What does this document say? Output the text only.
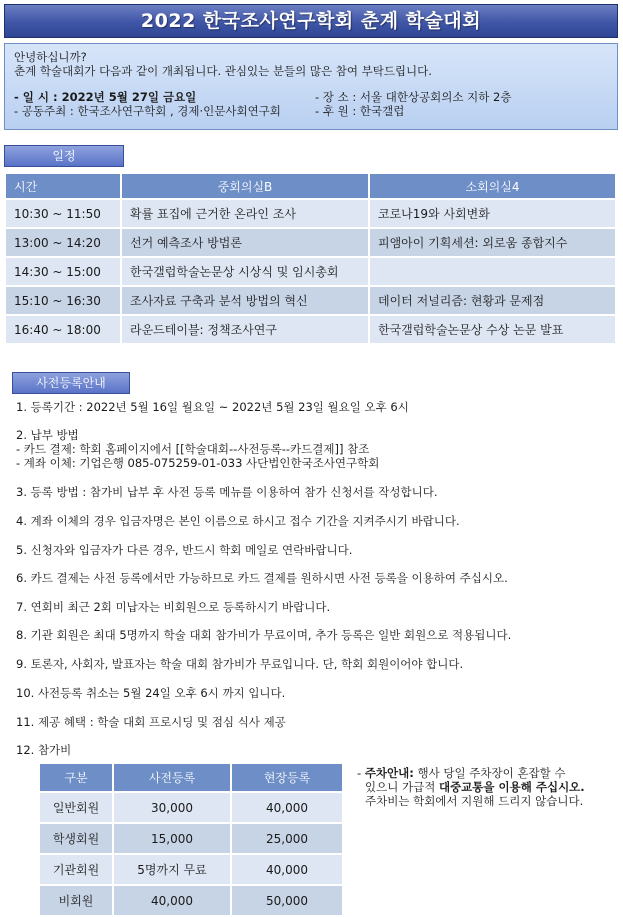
2022 한국조사연구학회 춘계 학술대회
안녕하십니까?
춘계 학술대회가 다음과 같이 개최됩니다. 관심있는 분들의 많은 참여 부탁드립니다.
- 일 시 : 2022년 5월 27일 금요일	- 장 소 : 서울 대한상공회의소 지하 2층
- 공동주최 : 한국조사연구학회 , 경제·인문사회연구회	- 후 원 : 한국갤럽
일정
시간	중회의실B	소회의실4
10:30 ~ 11:50	확률 표집에 근거한 온라인 조사	코로나19와 사회변화
13:00 ~ 14:20	선거 예측조사 방법론	피앰아이 기획세션: 외로움 종합지수
14:30 ~ 15:00	한국갤럽학술논문상 시상식 및 임시총회	
15:10 ~ 16:30	조사자료 구축과 분석 방법의 혁신	데이터 저널리즘: 현황과 문제점
16:40 ~ 18:00	라운드테이블: 정책조사연구	한국갤럽학술논문상 수상 논문 발표
사전등록안내
1. 등록기간 : 2022년 5월 16일 월요일 ~ 2022년 5월 23일 월요일 오후 6시
2. 납부 방법
- 카드 결제: 학회 홈페이지에서 [[학술대회--사전등록--카드결제]] 참조
- 계좌 이체: 기업은행 085-075259-01-033 사단법인한국조사연구학회
3. 등록 방법 : 참가비 납부 후 사전 등록 메뉴를 이용하여 참가 신청서를 작성합니다.
4. 계좌 이체의 경우 입금자명은 본인 이름으로 하시고 접수 기간을 지켜주시기 바랍니다.
5. 신청자와 입금자가 다른 경우, 반드시 학회 메일로 연락바랍니다.
6. 카드 결제는 사전 등록에서만 가능하므로 카드 결제를 원하시면 사전 등록을 이용하여 주십시오.
7. 연회비 최근 2회 미납자는 비회원으로 등록하시기 바랍니다.
8. 기관 회원은 최대 5명까지 학술 대회 참가비가 무료이며, 추가 등록은 일반 회원으로 적용됩니다.
9. 토론자, 사회자, 발표자는 학술 대회 참가비가 무료입니다. 단, 학회 회원이어야 합니다.
10. 사전등록 취소는 5월 24일 오후 6시 까지 입니다.
11. 제공 혜택 : 학술 대회 프로시딩 및 점심 식사 제공
12. 참가비
구분	사전등록	현장등록
일반회원	30,000	40,000
학생회원	15,000	25,000
기관회원	5명까지 무료	40,000
비회원	40,000	50,000
- 주차안내: 행사 당일 주차장이 혼잡할 수
있으니 가급적 대중교통을 이용해 주십시오.
주차비는 학회에서 지원해 드리지 않습니다.
